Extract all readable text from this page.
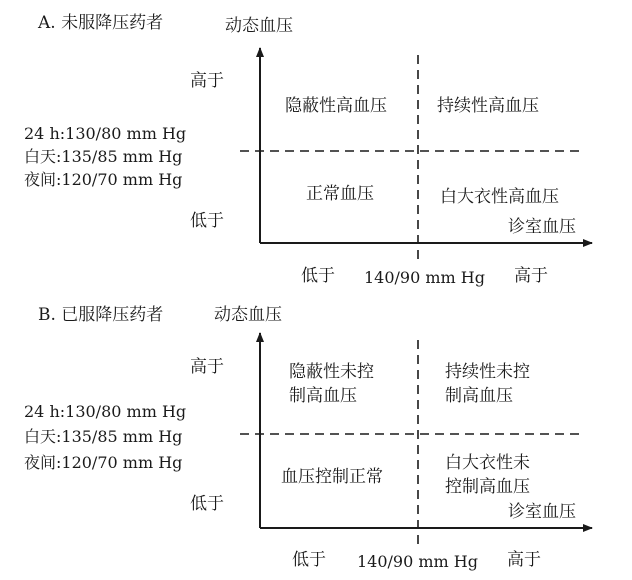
A. 未服降压药者	动态血压
高于
低于
24 h:130/80 mm Hg
白天:135/85 mm Hg
夜间:120/70 mm Hg
隐蔽性高血压	持续性高血压
正常血压	白大衣性高血压
诊室血压
低于 140/90 mm Hg 高于
B. 已服降压药者	动态血压
高于
低于
24 h:130/80 mm Hg
白天:135/85 mm Hg
夜间:120/70 mm Hg
隐蔽性未控
制高血压
持续性未控
制高血压
血压控制正常
白大衣性未
控制高血压
诊室血压
低于 140/90 mm Hg 高于
